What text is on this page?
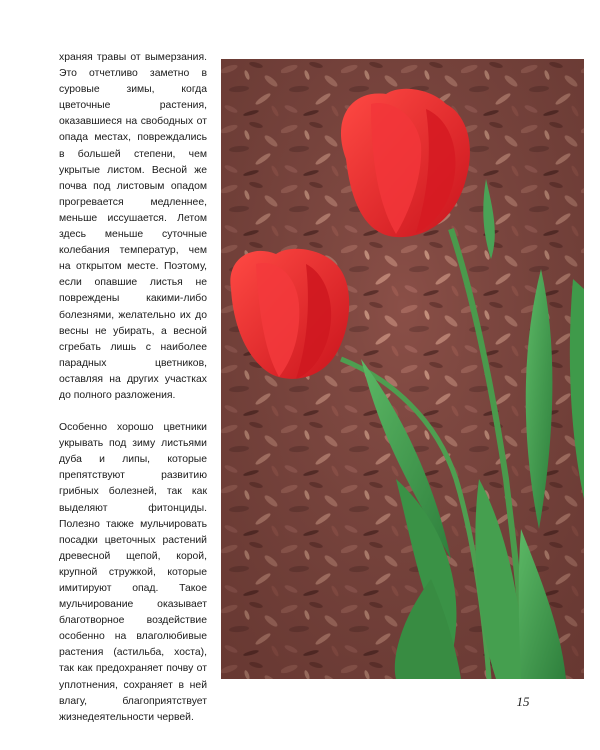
храняя травы от вымерзания. Это отчетливо заметно в суровые зимы, когда цветочные растения, оказавшиеся на свободных от опада местах, повреждались в большей степени, чем укрытые листом. Весной же почва под листовым опадом прогревается медленнее, меньше иссушается. Летом здесь меньше суточные колебания температур, чем на открытом месте. Поэтому, если опавшие листья не повреждены какими-либо болезнями, желательно их до весны не убирать, а весной сгребать лишь с наиболее парадных цветников, оставляя на других участках до полного разложения.

Особенно хорошо цветники укрывать под зиму листьями дуба и липы, которые препятствуют развитию грибных болезней, так как выделяют фитонциды. Полезно также мульчировать посадки цветочных растений древесной щепой, корой, крупной стружкой, которые имитируют опад. Такое мульчирование оказывает благотворное воздействие особенно на влаголюбивые растения (астильба, хоста), так как предохраняет почву от уплотнения, сохраняет в ней влагу, благоприятствует жизнедеятельности червей.

15
